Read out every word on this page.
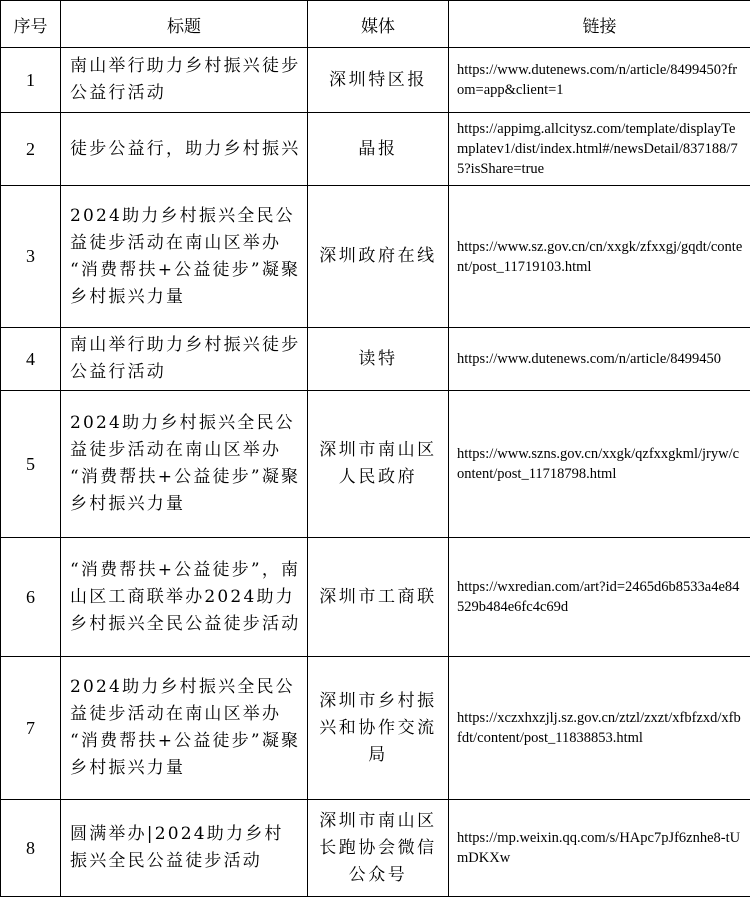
序号	标题	媒体	链接
1	南山举行助力乡村振兴徒步公益行活动	深圳特区报	https://www.dutenews.com/n/article/8499450?from=app&client=1
2	徒步公益行，助力乡村振兴	晶报	https://appimg.allcitysz.com/template/displayTemplatev1/dist/index.html#/newsDetail/837188/75?isShare=true
3	2024助力乡村振兴全民公益徒步活动在南山区举办 “消费帮扶+公益徒步”凝聚乡村振兴力量	深圳政府在线	https://www.sz.gov.cn/cn/xxgk/zfxxgj/gqdt/content/post_11719103.html
4	南山举行助力乡村振兴徒步公益行活动	读特	https://www.dutenews.com/n/article/8499450
5	2024助力乡村振兴全民公益徒步活动在南山区举办 “消费帮扶+公益徒步”凝聚乡村振兴力量	深圳市南山区人民政府	https://www.szns.gov.cn/xxgk/qzfxxgkml/jryw/content/post_11718798.html
6	“消费帮扶+公益徒步”，南山区工商联举办2024助力乡村振兴全民公益徒步活动	深圳市工商联	https://wxredian.com/art?id=2465d6b8533a4e84529b484e6fc4c69d
7	2024助力乡村振兴全民公益徒步活动在南山区举办 “消费帮扶+公益徒步”凝聚乡村振兴力量	深圳市乡村振兴和协作交流局	https://xczxhxzjlj.sz.gov.cn/ztzl/zxzt/xfbfzxd/xfbfdt/content/post_11838853.html
8	圆满举办|2024助力乡村振兴全民公益徒步活动	深圳市南山区长跑协会微信公众号	https://mp.weixin.qq.com/s/HApc7pJf6znhe8-tUmDKXw
